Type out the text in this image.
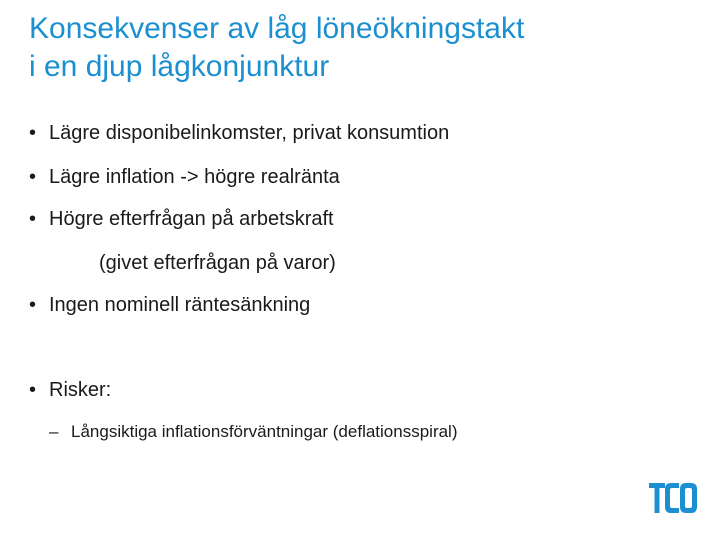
Konsekvenser av låg löneökningstakt
i en djup lågkonjunktur
• Lägre disponibelinkomster, privat konsumtion
• Lägre inflation -> högre realränta
• Högre efterfrågan på arbetskraft
(givet efterfrågan på varor)
• Ingen nominell räntesänkning
• Risker:
– Långsiktiga inflationsförväntningar (deflationsspiral)
